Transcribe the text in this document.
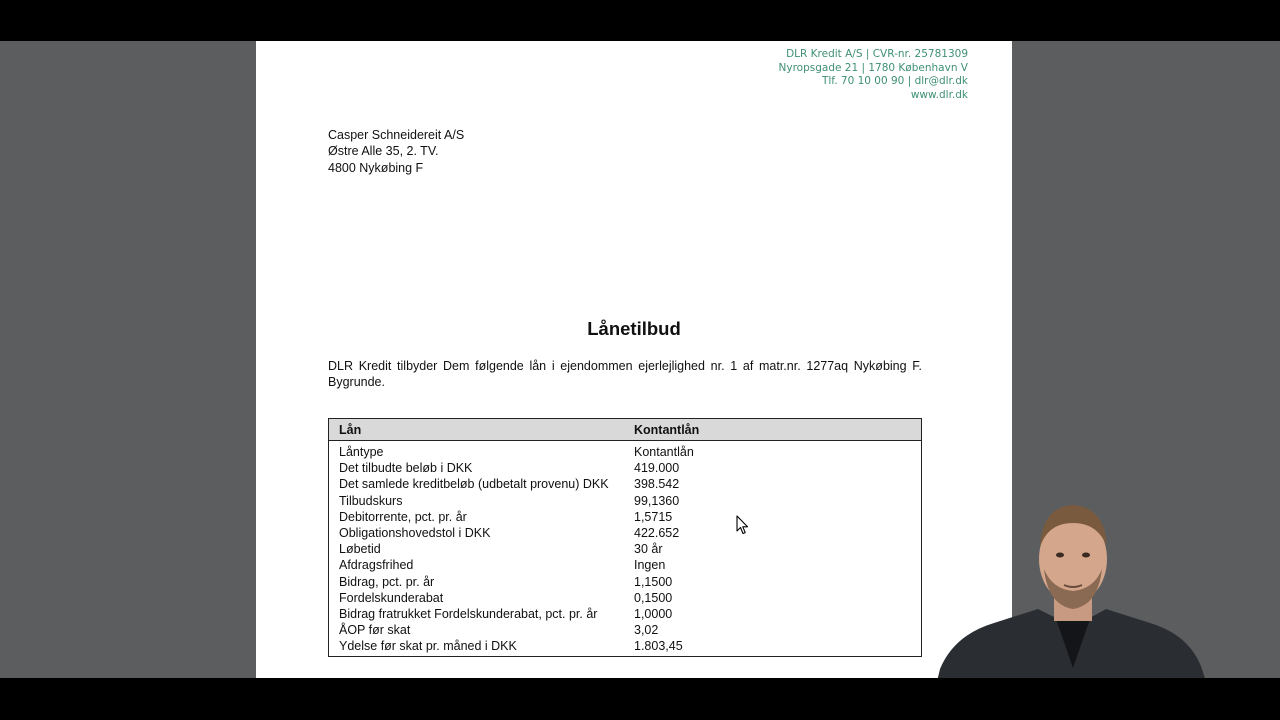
DLR Kredit A/S | CVR-nr. 25781309
Nyropsgade 21 | 1780 København V
Tlf. 70 10 00 90 | dlr@dlr.dk
www.dlr.dk
Casper Schneidereit A/S
Østre Alle 35, 2. TV.
4800 Nykøbing F
Lånetilbud
DLR Kredit tilbyder Dem følgende lån i ejendommen ejerlejlighed nr. 1 af matr.nr. 1277aq Nykøbing F. Bygrunde.
Lån	Kontantlån
Låntype	Kontantlån
Det tilbudte beløb i DKK	419.000
Det samlede kreditbeløb (udbetalt provenu) DKK	398.542
Tilbudskurs	99,1360
Debitorrente, pct. pr. år	1,5715
Obligationshovedstol i DKK	422.652
Løbetid	30 år
Afdragsfrihed	Ingen
Bidrag, pct. pr. år	1,1500
Fordelskunderabat	0,1500
Bidrag fratrukket Fordelskunderabat, pct. pr. år	1,0000
ÅOP før skat	3,02
Ydelse før skat pr. måned i DKK	1.803,45
